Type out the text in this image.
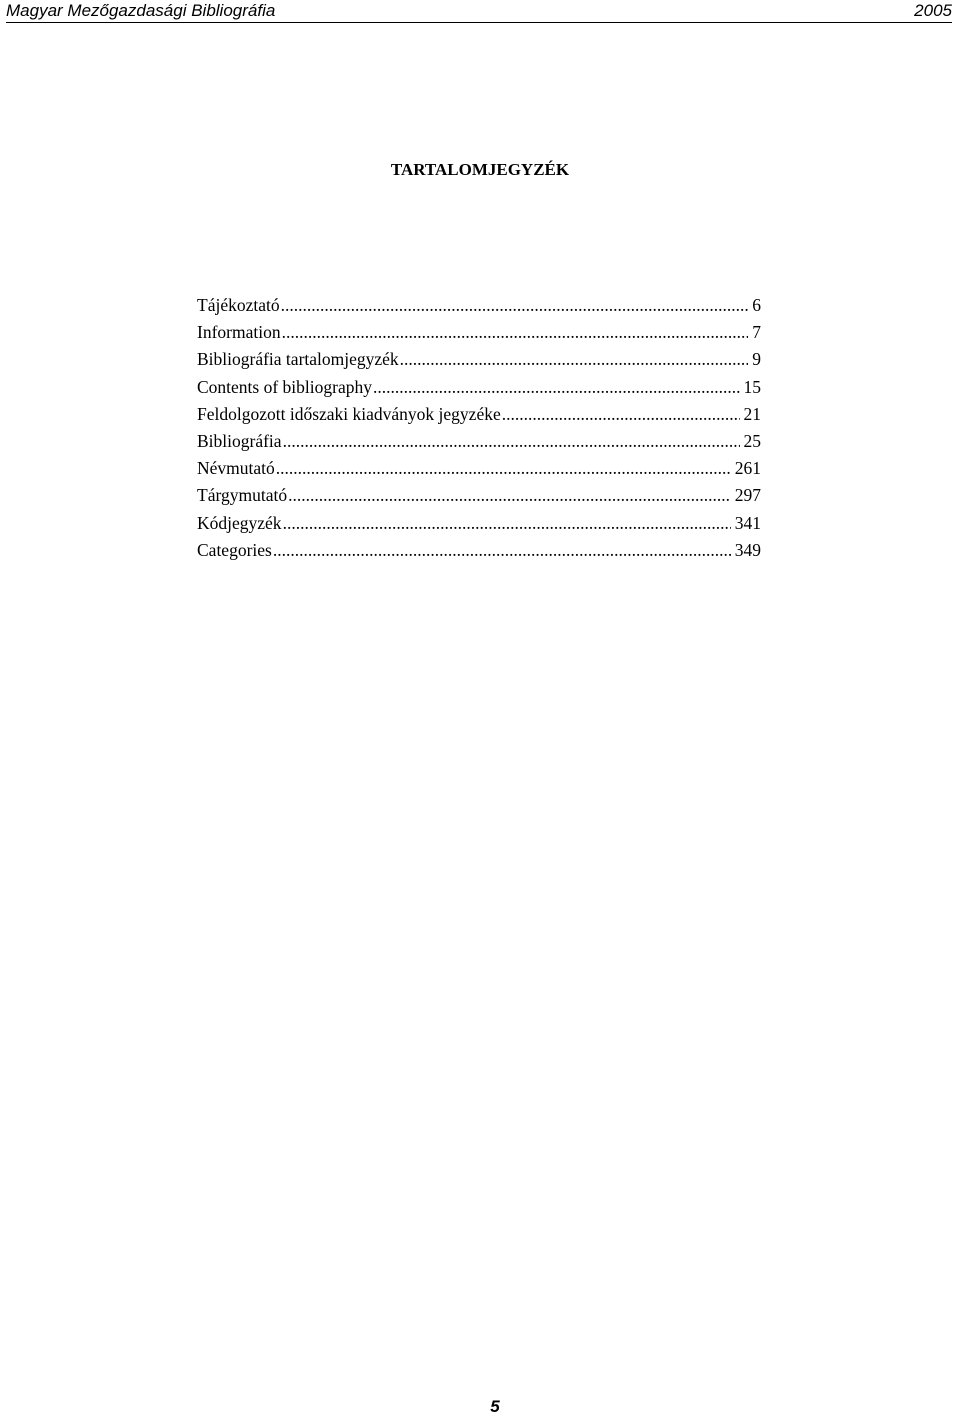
Magyar Mezőgazdasági Bibliográfia	2005
TARTALOMJEGYZÉK
Tájékoztató .....	6
Information .....	7
Bibliográfia tartalomjegyzék .....	9
Contents of bibliography .....	15
Feldolgozott időszaki kiadványok jegyzéke .....	21
Bibliográfia .....	25
Névmutató .....	261
Tárgymutató .....	297
Kódjegyzék .....	341
Categories .....	349
5
